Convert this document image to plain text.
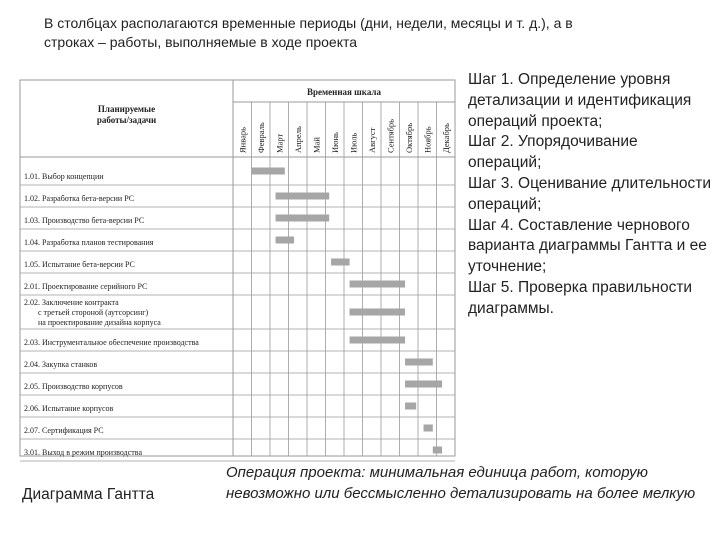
В столбцах располагаются временные периоды (дни, недели, месяцы и т. д.), а в строках – работы, выполняемые в ходе проекта
Планируемые работы/задачи
Временная шкала
Январь Февраль Март Апрель Май Июнь Июль Август Сентябрь Октябрь Ноябрь Декабрь
1.01. Выбор концепции
1.02. Разработка бета-версии РС
1.03. Производство бета-версии РС
1.04. Разработка планов тестирования
1.05. Испытание бета-версии РС
2.01. Проектирование серийного РС
2.02. Заключение контракта с третьей стороной (аутсорсинг) на проектирование дизайна корпуса
2.03. Инструментальное обеспечение производства
2.04. Закупка станков
2.05. Производство корпусов
2.06. Испытание корпусов
2.07. Сертификация РС
3.01. Выход в режим производства
Шаг 1. Определение уровня детализации и идентификация операций проекта;
Шаг 2. Упорядочивание операций;
Шаг 3. Оценивание длительности операций;
Шаг 4. Составление чернового варианта диаграммы Гантта и ее уточнение;
Шаг 5. Проверка правильности диаграммы.
Диаграмма Гантта
Операция проекта: минимальная единица работ, которую невозможно или бессмысленно детализировать на более мелкую
